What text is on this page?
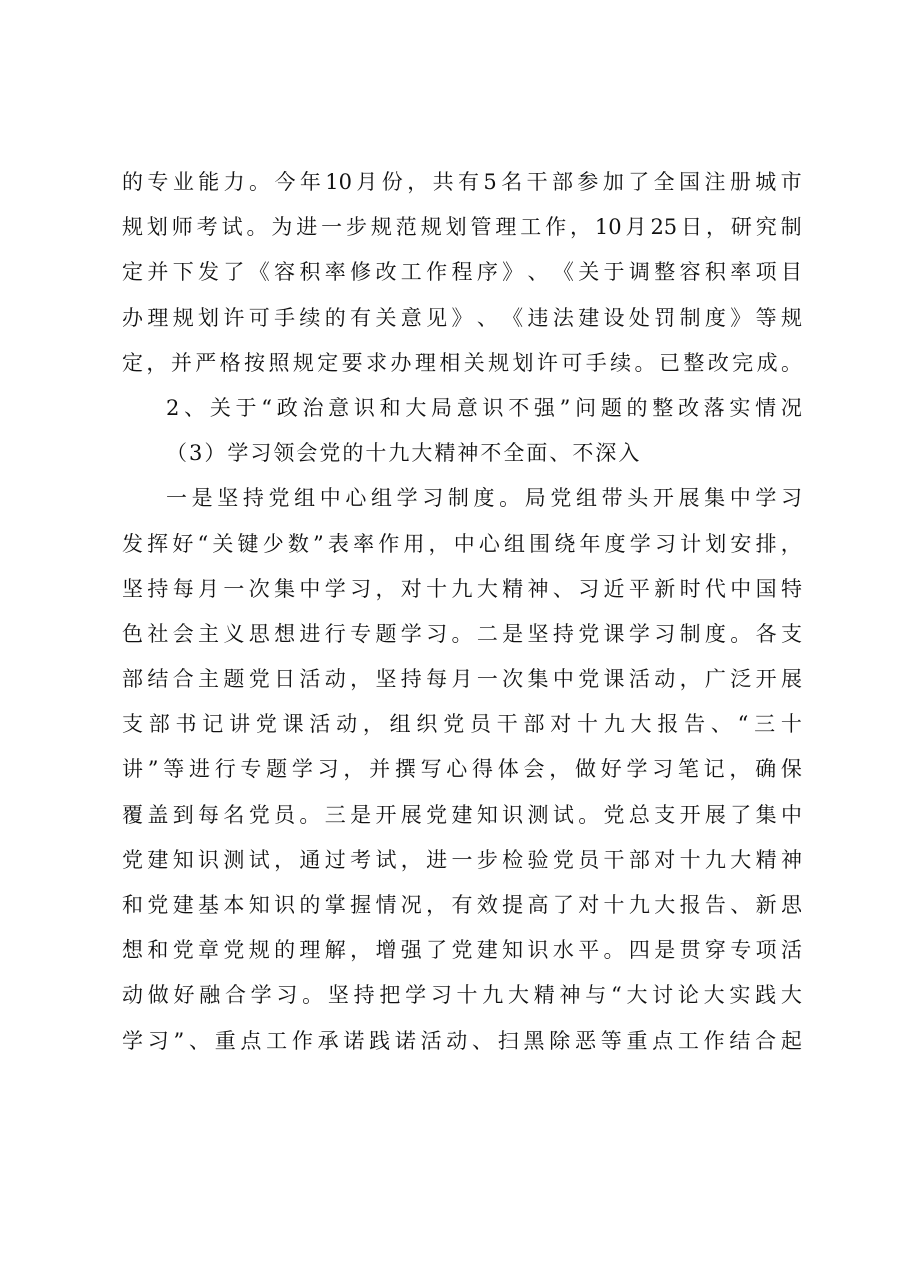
的 专 业 能 力 。 今 年 10 月 份 ， 共 有 5 名 干 部 参 加 了 全 国 注 册 城 市
规 划 师 考 试 。 为 进 一 步 规 范 规 划 管 理 工 作 ， 10 月 25 日 ， 研 究 制
定 并 下 发 了 《 容 积 率 修 改 工 作 程 序 》 、 《 关 于 调 整 容 积 率 项 目
办 理 规 划 许 可 手 续 的 有 关 意 见 》 、 《 违 法 建 设 处 罚 制 度 》 等 规
定 ， 并 严 格 按 照 规 定 要 求 办 理 相 关 规 划 许 可 手 续 。 已 整 改 完 成 。
2 、 关 于 “ 政 治 意 识 和 大 局 意 识 不 强 ” 问 题 的 整 改 落 实 情 况
（3）学习领会党的十九大精神不全面、不深入
一 是 坚 持 党 组 中 心 组 学 习 制 度 。 局 党 组 带 头 开 展 集 中 学 习
发 挥 好 “ 关 键 少 数 ” 表 率 作 用 ， 中 心 组 围 绕 年 度 学 习 计 划 安 排 ，
坚 持 每 月 一 次 集 中 学 习 ， 对 十 九 大 精 神 、 习 近 平 新 时 代 中 国 特
色 社 会 主 义 思 想 进 行 专 题 学 习 。 二 是 坚 持 党 课 学 习 制 度 。 各 支
部 结 合 主 题 党 日 活 动 ， 坚 持 每 月 一 次 集 中 党 课 活 动 ， 广 泛 开 展
支 部 书 记 讲 党 课 活 动 ， 组 织 党 员 干 部 对 十 九 大 报 告 、 “ 三 十
讲 ” 等 进 行 专 题 学 习 ， 并 撰 写 心 得 体 会 ， 做 好 学 习 笔 记 ， 确 保
覆 盖 到 每 名 党 员 。 三 是 开 展 党 建 知 识 测 试 。 党 总 支 开 展 了 集 中
党 建 知 识 测 试 ， 通 过 考 试 ， 进 一 步 检 验 党 员 干 部 对 十 九 大 精 神
和 党 建 基 本 知 识 的 掌 握 情 况 ， 有 效 提 高 了 对 十 九 大 报 告 、 新 思
想 和 党 章 党 规 的 理 解 ， 增 强 了 党 建 知 识 水 平 。 四 是 贯 穿 专 项 活
动 做 好 融 合 学 习 。 坚 持 把 学 习 十 九 大 精 神 与 “ 大 讨 论 大 实 践 大
学 习 ” 、 重 点 工 作 承 诺 践 诺 活 动 、 扫 黑 除 恶 等 重 点 工 作 结 合 起
